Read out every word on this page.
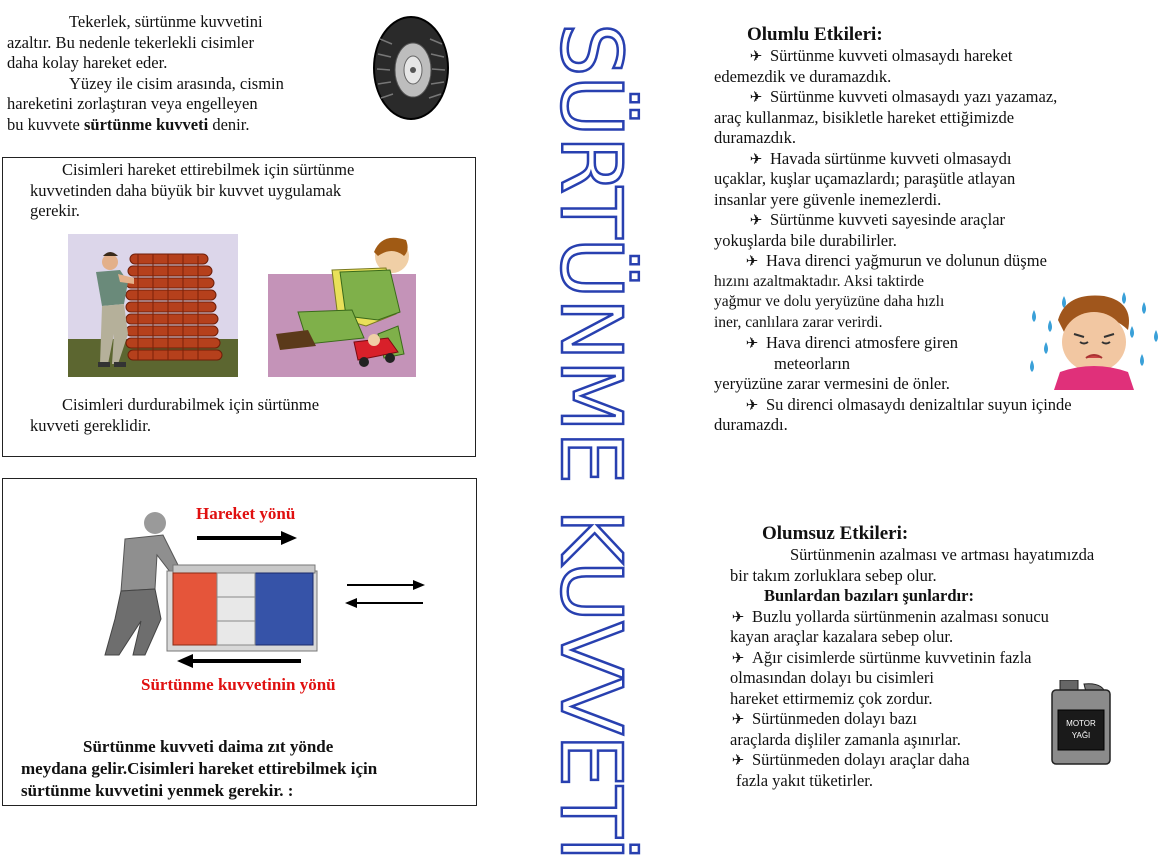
Tekerlek, sürtünme kuvvetini
azaltır. Bu nedenle tekerlekli cisimler
daha kolay hareket eder.
Yüzey ile cisim arasında, cismin
hareketini zorlaştıran veya engelleyen
bu kuvvete sürtünme kuvveti denir.
Cisimleri hareket ettirebilmek için sürtünme
kuvvetinden daha büyük bir kuvvet uygulamak
gerekir.
Cisimleri durdurabilmek için sürtünme
kuvveti gereklidir.
Hareket yönü
Sürtünme kuvvetinin yönü
Sürtünme kuvveti daima zıt yönde
meydana gelir.Cisimleri hareket ettirebilmek için
sürtünme kuvvetini yenmek gerekir. :	SÜRTÜNME KUVVETİ	Olumlu Etkileri:
✈ Sürtünme kuvveti olmasaydı hareket
edemezdik ve duramazdık.
✈ Sürtünme kuvveti olmasaydı yazı yazamaz,
araç kullanmaz, bisikletle hareket ettiğimizde
duramazdık.
✈ Havada sürtünme kuvveti olmasaydı
uçaklar, kuşlar uçamazlardı; paraşütle atlayan
insanlar yere güvenle inemezlerdi.
✈ Sürtünme kuvveti sayesinde araçlar
yokuşlarda bile durabilirler.
✈ Hava direnci yağmurun ve dolunun düşme
hızını azaltmaktadır. Aksi taktirde
yağmur ve dolu yeryüzüne daha hızlı
iner, canlılara zarar verirdi.
✈ Hava direnci atmosfere giren
meteorların
yeryüzüne zarar vermesini de önler.
✈ Su direnci olmasaydı denizaltılar suyun içinde
duramazdı.
Olumsuz Etkileri:
Sürtünmenin azalması ve artması hayatımızda
bir takım zorluklara sebep olur.
Bunlardan bazıları şunlardır:
✈ Buzlu yollarda sürtünmenin azalması sonucu
kayan araçlar kazalara sebep olur.
✈ Ağır cisimlerde sürtünme kuvvetinin fazla
olmasından dolayı bu cisimleri
hareket ettirmemiz çok zordur.
✈ Sürtünmeden dolayı bazı
araçlarda dişliler zamanla aşınırlar.
✈ Sürtünmeden dolayı araçlar daha
fazla yakıt tüketirler.
MOTOR
YAĞI
